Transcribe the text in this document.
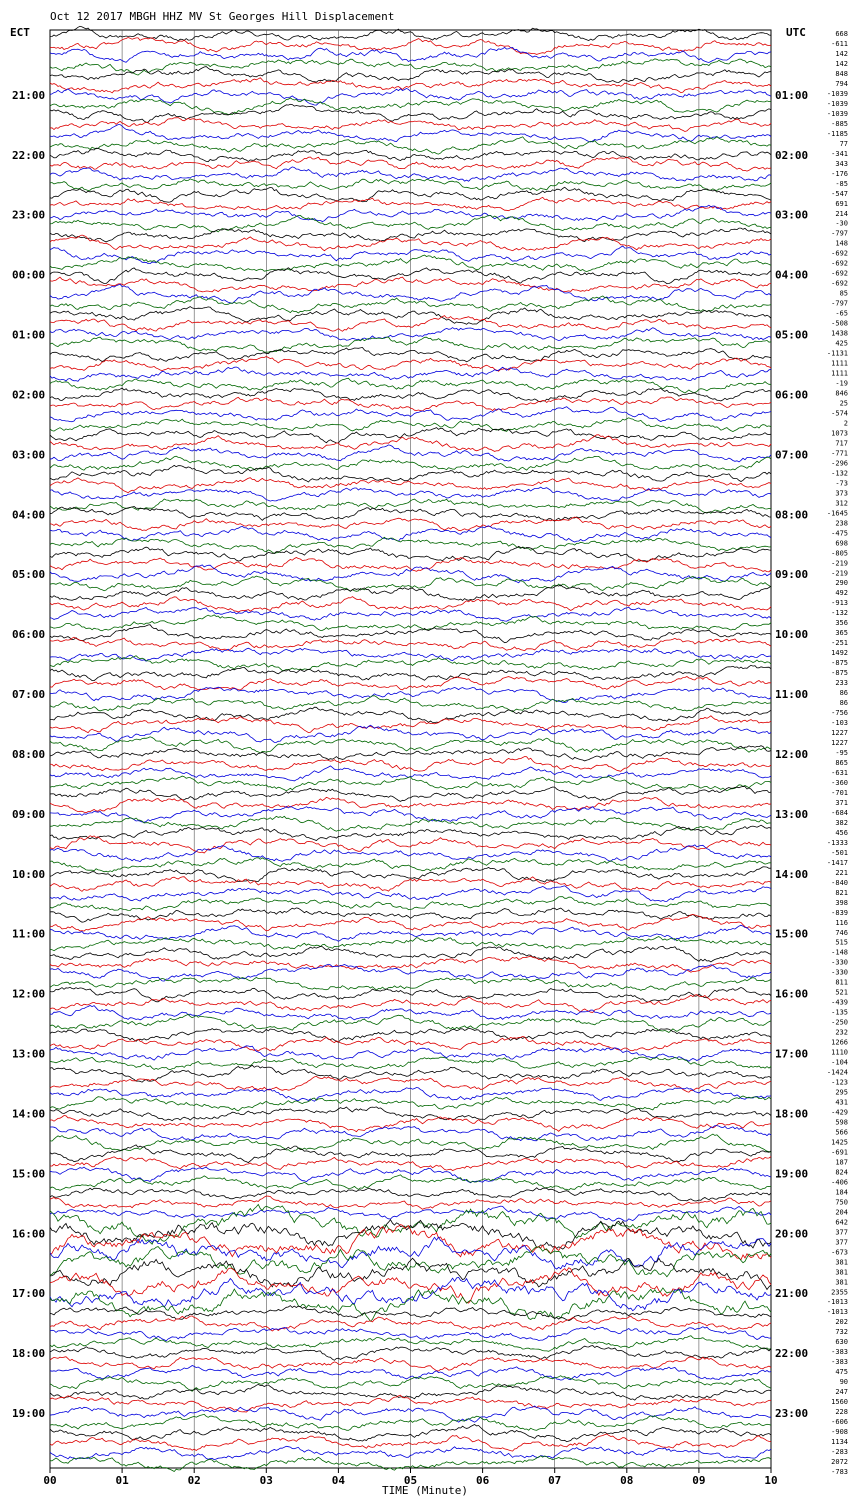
Oct 12 2017 MBGH HHZ MV St Georges Hill Displacement
ECT	UTC
21:00
22:00
23:00
00:00
01:00
02:00
03:00
04:00
05:00
06:00
07:00
08:00
09:00
10:00
11:00
12:00
13:00
14:00
15:00
16:00
17:00
18:00
19:00
01:00
02:00
03:00
04:00
05:00
06:00
07:00
08:00
09:00
10:00
11:00
12:00
13:00
14:00
15:00
16:00
17:00
18:00
19:00
20:00
21:00
22:00
23:00
668
-611
142
142
848
794
-1039
-1039
-1039
-885
-1185
77
-341
343
-176
-85
-547
691
214
-30
-797
148
-692
-692
-692
-692
85
-797
-65
-508
1438
425
-1131
1111
1111
-19
846
25
-574
2
1073
717
-771
-296
-132
-73
373
312
-1645
238
-475
698
-805
-219
-219
290
492
-913
-132
356
365
-251
1492
-875
-875
233
86
86
-756
-103
1227
1227
-95
865
-631
-360
-701
371
-684
382
456
-1333
-501
-1417
221
-840
821
398
-839
116
746
515
-148
-330
-330
811
521
-439
-135
-250
232
1266
1110
-104
-1424
-123
295
431
-429
598
566
1425
-691
187
824
-406
184
750
204
642
377
377
-673
381
381
381
2355
-1013
-1013
202
732
630
-383
-383
475
90
247
1560
228
-606
-908
1134
-283
2072
-783
00	01	02	03	04	05	06	07	08	09	10
TIME (Minute)
